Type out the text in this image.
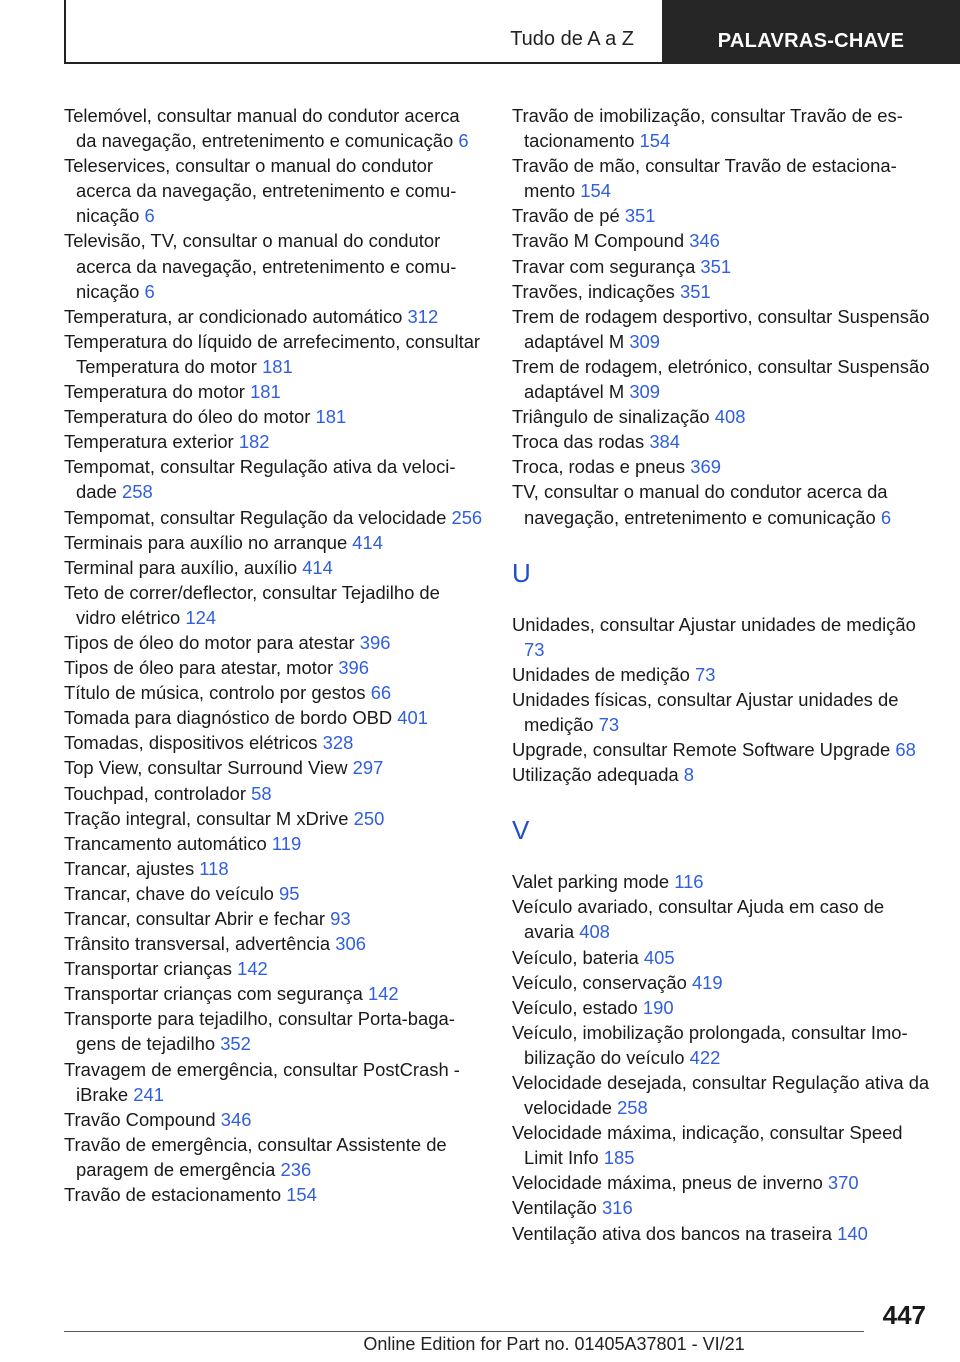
Tudo de A a Z	PALAVRAS-CHAVE
Telemóvel, consultar manual do condutor acerca da navegação, entretenimento e comunicação 6
Teleservices, consultar o manual do condutor acerca da navegação, entretenimento e comunicação 6
Televisão, TV, consultar o manual do condutor acerca da navegação, entretenimento e comunicação 6
Temperatura, ar condicionado automático 312
Temperatura do líquido de arrefecimento, consultar Temperatura do motor 181
Temperatura do motor 181
Temperatura do óleo do motor 181
Temperatura exterior 182
Tempomat, consultar Regulação ativa da velocidade 258
Tempomat, consultar Regulação da velocidade 256
Terminais para auxílio no arranque 414
Terminal para auxílio, auxílio 414
Teto de correr/deflector, consultar Tejadilho de vidro elétrico 124
Tipos de óleo do motor para atestar 396
Tipos de óleo para atestar, motor 396
Título de música, controlo por gestos 66
Tomada para diagnóstico de bordo OBD 401
Tomadas, dispositivos elétricos 328
Top View, consultar Surround View 297
Touchpad, controlador 58
Tração integral, consultar M xDrive 250
Trancamento automático 119
Trancar, ajustes 118
Trancar, chave do veículo 95
Trancar, consultar Abrir e fechar 93
Trânsito transversal, advertência 306
Transportar crianças 142
Transportar crianças com segurança 142
Transporte para tejadilho, consultar Porta-bagagens de tejadilho 352
Travagem de emergência, consultar PostCrash - iBrake 241
Travão Compound 346
Travão de emergência, consultar Assistente de paragem de emergência 236
Travão de estacionamento 154
Travão de imobilização, consultar Travão de estacionamento 154
Travão de mão, consultar Travão de estacionamento 154
Travão de pé 351
Travão M Compound 346
Travar com segurança 351
Travões, indicações 351
Trem de rodagem desportivo, consultar Suspensão adaptável M 309
Trem de rodagem, eletrónico, consultar Suspensão adaptável M 309
Triângulo de sinalização 408
Troca das rodas 384
Troca, rodas e pneus 369
TV, consultar o manual do condutor acerca da navegação, entretenimento e comunicação 6
U
Unidades, consultar Ajustar unidades de medição 73
Unidades de medição 73
Unidades físicas, consultar Ajustar unidades de medição 73
Upgrade, consultar Remote Software Upgrade 68
Utilização adequada 8
V
Valet parking mode 116
Veículo avariado, consultar Ajuda em caso de avaria 408
Veículo, bateria 405
Veículo, conservação 419
Veículo, estado 190
Veículo, imobilização prolongada, consultar Imobilização do veículo 422
Velocidade desejada, consultar Regulação ativa da velocidade 258
Velocidade máxima, indicação, consultar Speed Limit Info 185
Velocidade máxima, pneus de inverno 370
Ventilação 316
Ventilação ativa dos bancos na traseira 140
447
Online Edition for Part no. 01405A37801 - VI/21
